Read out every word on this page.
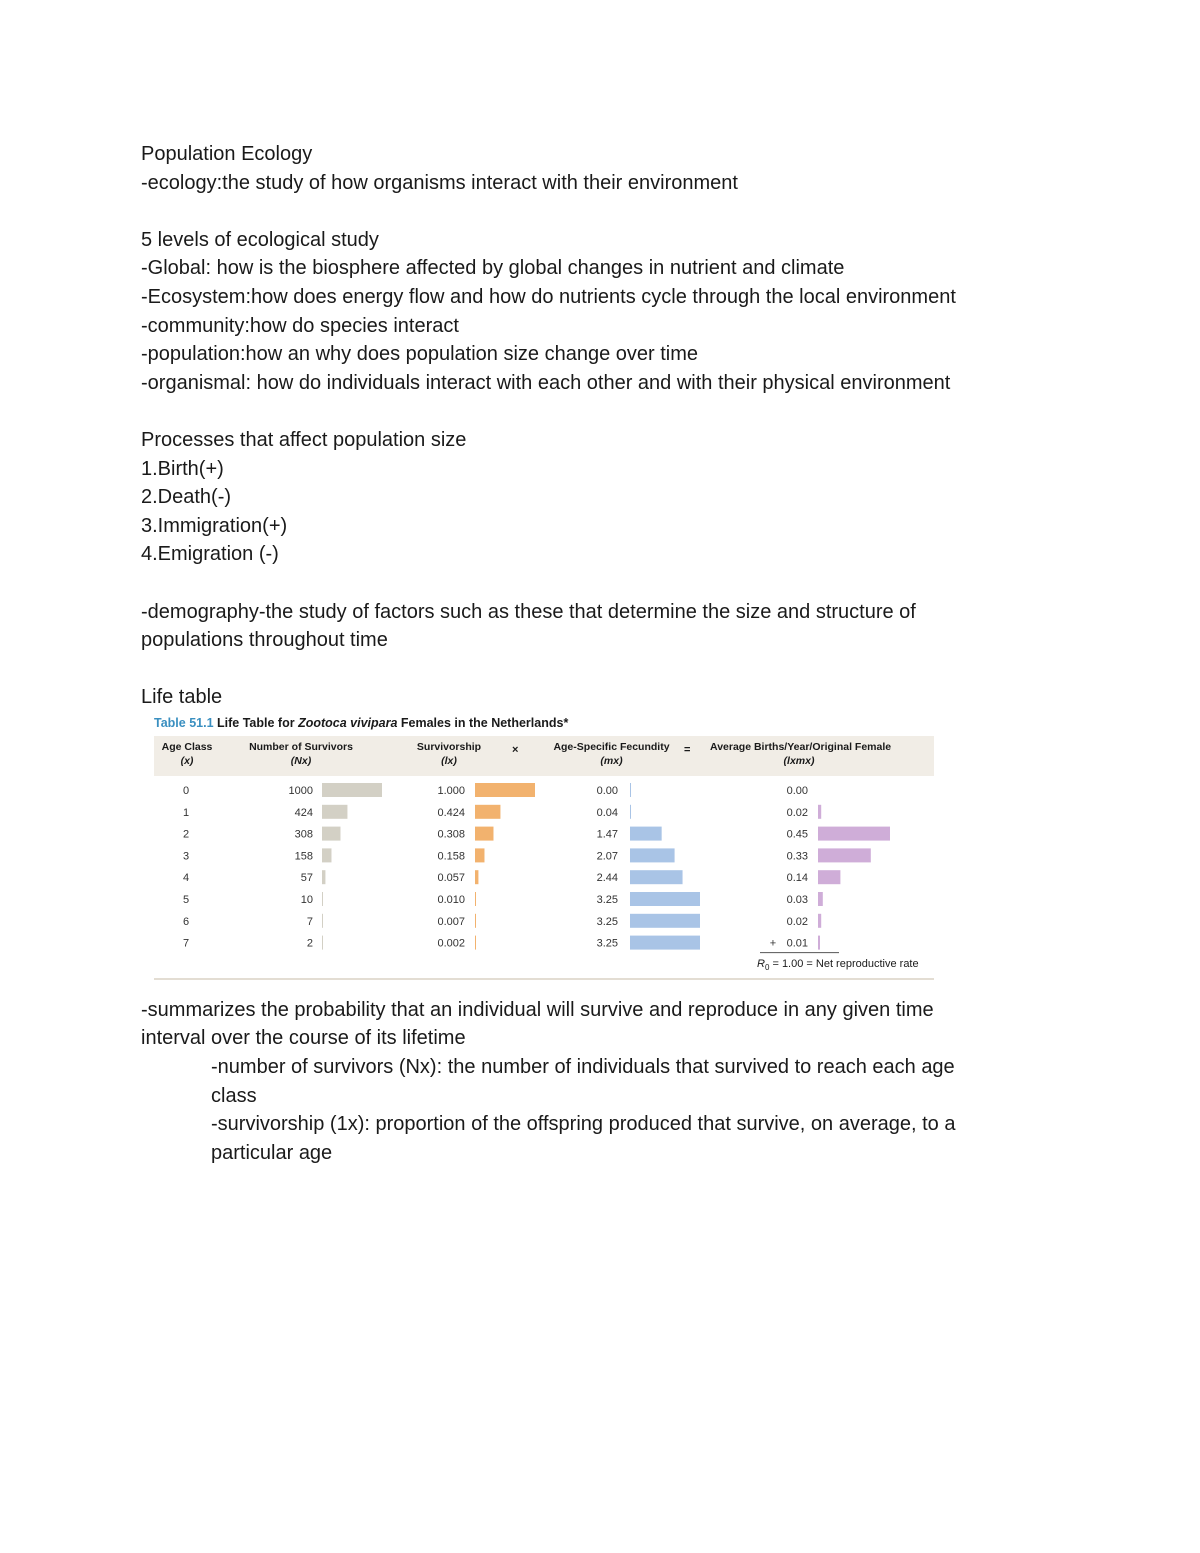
Population Ecology
-ecology:the study of how organisms interact with their environment
5 levels of ecological study
-Global: how is the biosphere affected by global changes in nutrient and climate
-Ecosystem:how does energy flow and how do nutrients cycle through the local environment
-community:how do species interact
-population:how an why does population size change over time
-organismal: how do individuals interact with each other and with their physical environment
Processes that affect population size
1.Birth(+)
2.Death(-)
3.Immigration(+)
4.Emigration (-)
-demography-the study of factors such as these that determine the size and structure of
populations throughout time
Life table
Table 51.1 Life Table for Zootoca vivipara Females in the Netherlands*
Age Class
(x)
Number of Survivors
(Nx)
Survivorship
(lx)
×	Age-Specific Fecundity
(mx)
= Average Births/Year/Original Female
(lxmx)
0	1000	1.000	0.00	0.00
1	424	0.424	0.04	0.02
2	308	0.308	1.47	0.45
3	158	0.158	2.07	0.33
4	57	0.057	2.44	0.14
5	10	0.010	3.25	0.03
6	7	0.007	3.25	0.02
7	2	0.002	3.25	0.01
+
$R_0 = 1.00$ = Net reproductive rate
-summarizes the probability that an individual will survive and reproduce in any given time
interval over the course of its lifetime
-number of survivors (Nx): the number of individuals that survived to reach each age
class
-survivorship (1x): proportion of the offspring produced that survive, on average, to a
particular age
